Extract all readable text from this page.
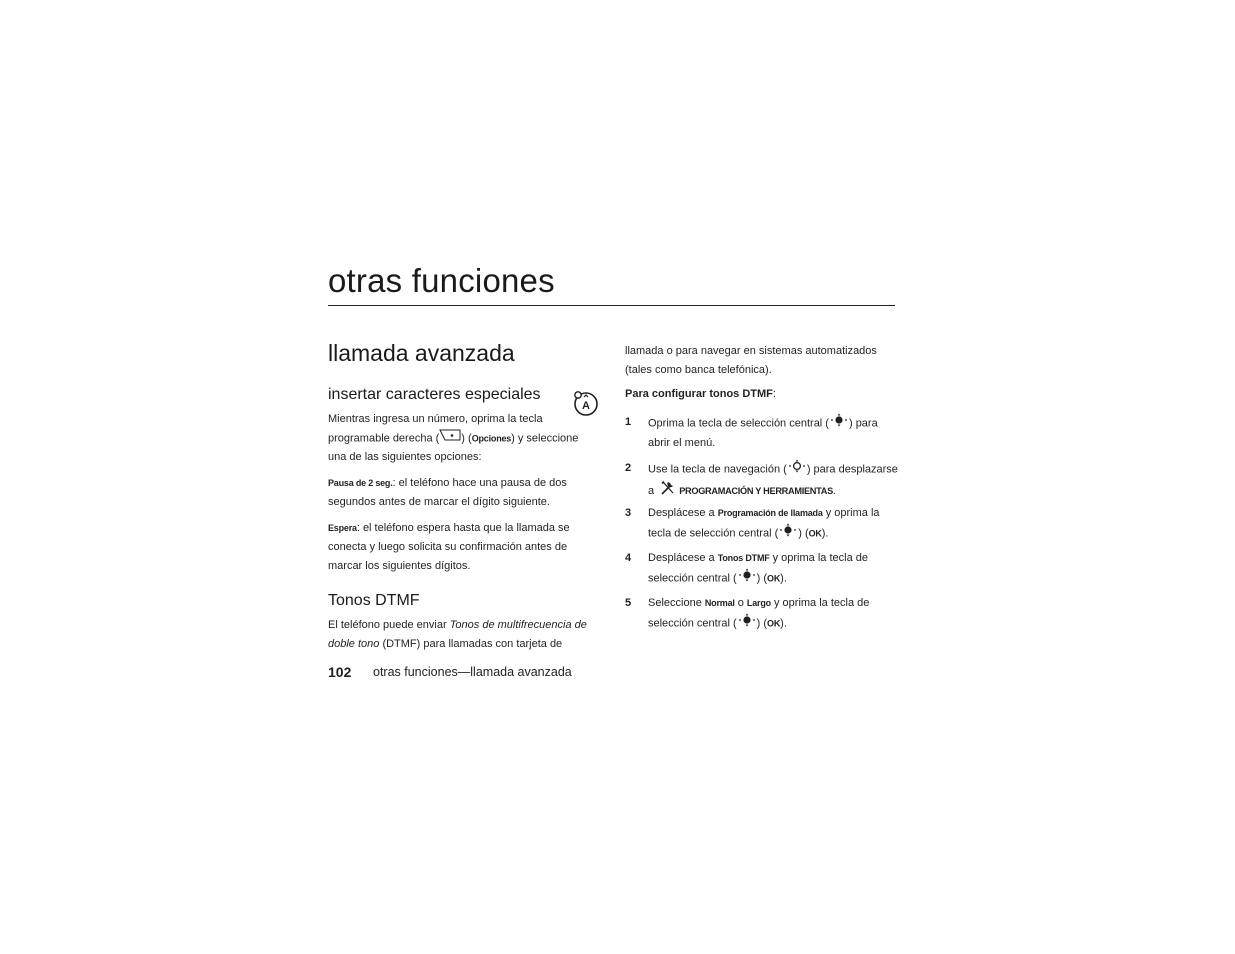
otras funciones
llamada avanzada
insertar caracteres especiales
A
Mientras ingresa un número, oprima la tecla programable derecha ( ) (Opciones) y seleccione una de las siguientes opciones:
Pausa de 2 seg.: el teléfono hace una pausa de dos segundos antes de marcar el dígito siguiente.
Espera: el teléfono espera hasta que la llamada se conecta y luego solicita su confirmación antes de marcar los siguientes dígitos.
Tonos DTMF
El teléfono puede enviar Tonos de multifrecuencia de doble tono (DTMF) para llamadas con tarjeta de
llamada o para navegar en sistemas automatizados (tales como banca telefónica).
Para configurar tonos DTMF:
1 Oprima la tecla de selección central ( ) para abrir el menú.
2 Use la tecla de navegación ( ) para desplazarse a PROGRAMACIÓN Y HERRAMIENTAS.
3 Desplácese a Programación de llamada y oprima la tecla de selección central ( ) (OK).
4 Desplácese a Tonos DTMF y oprima la tecla de selección central ( ) (OK).
5 Seleccione Normal o Largo y oprima la tecla de selección central ( ) (OK).
102 otras funciones—llamada avanzada
